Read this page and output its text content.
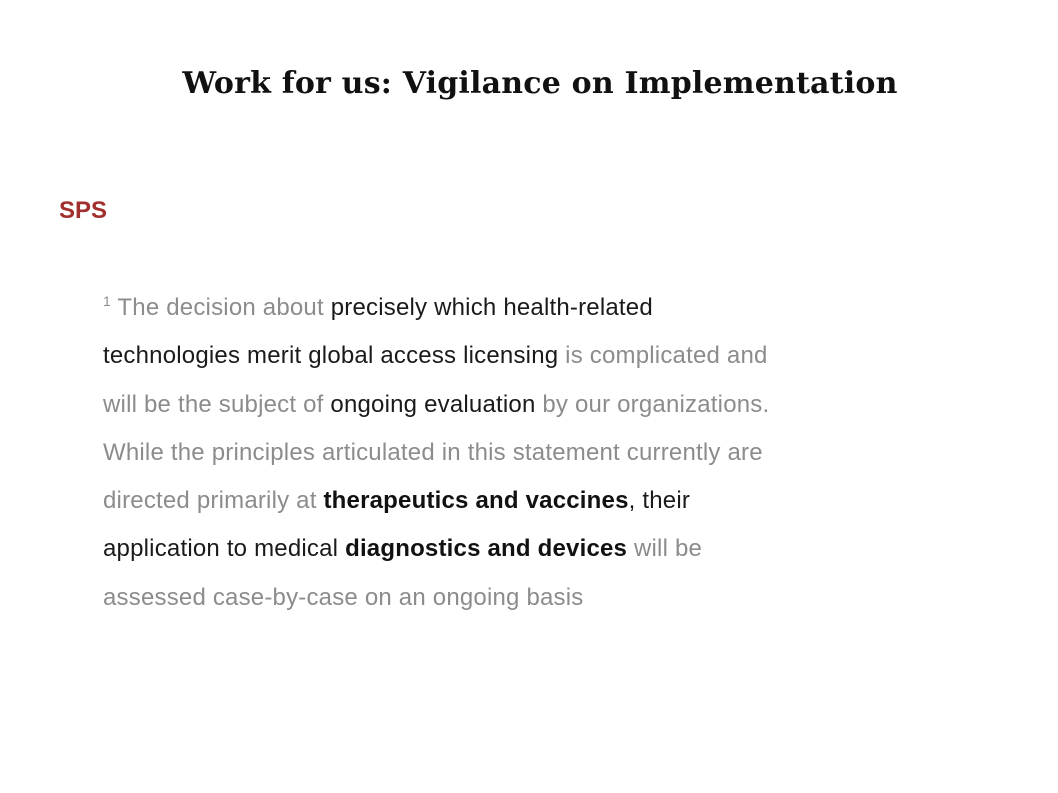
Work for us: Vigilance on Implementation
SPS
$^1$ The decision about precisely which health-related
technologies merit global access licensing is complicated and
will be the subject of ongoing evaluation by our organizations.
While the principles articulated in this statement currently are
directed primarily at therapeutics and vaccines, their
application to medical diagnostics and devices will be
assessed case-by-case on an ongoing basis
